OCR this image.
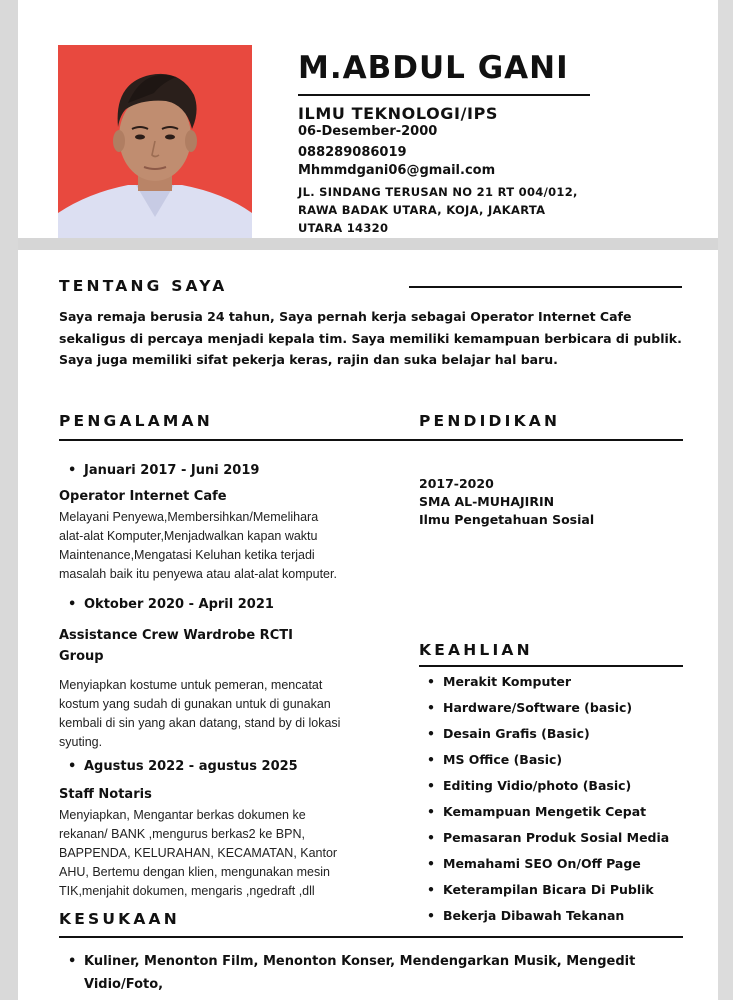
M.ABDUL GANI
ILMU TEKNOLOGI/IPS
06-Desember-2000
088289086019
Mhmmdgani06@gmail.com
JL. SINDANG TERUSAN NO 21 RT 004/012,
RAWA BADAK UTARA, KOJA, JAKARTA
UTARA 14320
TENTANG SAYA
Saya remaja berusia 24 tahun, Saya pernah kerja sebagai Operator Internet Cafe
sekaligus di percaya menjadi kepala tim. Saya memiliki kemampuan berbicara di publik.
Saya juga memiliki sifat pekerja keras, rajin dan suka belajar hal baru.
PENGALAMAN	PENDIDIKAN
• Januari 2017 - Juni 2019
Operator Internet Cafe
Melayani Penyewa,Membersihkan/Memelihara
alat-alat Komputer,Menjadwalkan kapan waktu
Maintenance,Mengatasi Keluhan ketika terjadi
masalah baik itu penyewa atau alat-alat komputer.
• Oktober 2020 - April 2021
Assistance Crew Wardrobe RCTI
Group
Menyiapkan kostume untuk pemeran, mencatat
kostum yang sudah di gunakan untuk di gunakan
kembali di sin yang akan datang, stand by di lokasi
syuting.
• Agustus 2022 - agustus 2025
Staff Notaris
Menyiapkan, Mengantar berkas dokumen ke
rekanan/ BANK ,mengurus berkas2 ke BPN,
BAPPENDA, KELURAHAN, KECAMATAN, Kantor
AHU, Bertemu dengan klien, mengunakan mesin
TIK,menjahit dokumen, mengaris ,ngedraft ,dll
2017-2020
SMA AL-MUHAJIRIN
Ilmu Pengetahuan Sosial
KEAHLIAN
• Merakit Komputer
• Hardware/Software (basic)
• Desain Grafis (Basic)
• MS Office (Basic)
• Editing Vidio/photo (Basic)
• Kemampuan Mengetik Cepat
• Pemasaran Produk Sosial Media
• Memahami SEO On/Off Page
• Keterampilan Bicara Di Publik
• Bekerja Dibawah Tekanan
KESUKAAN
• Kuliner, Menonton Film, Menonton Konser, Mendengarkan Musik, Mengedit
Vidio/Foto,
